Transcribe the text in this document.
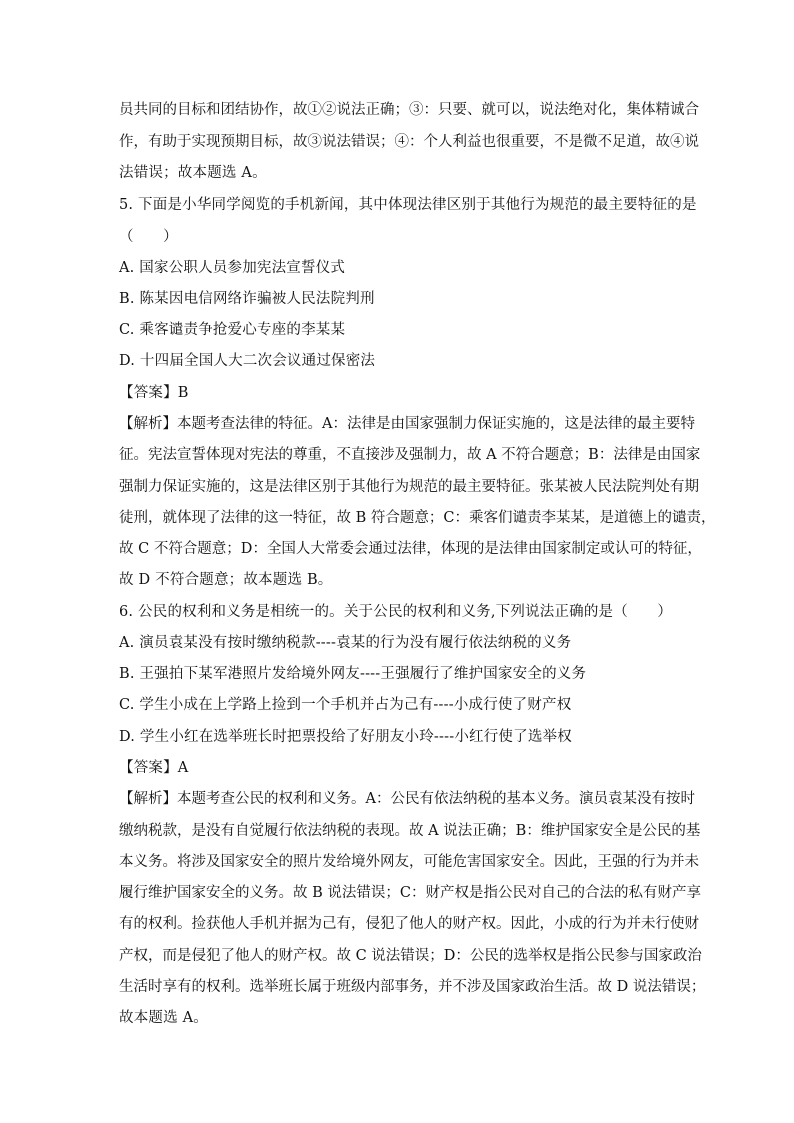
员共同的目标和团结协作，故①②说法正确；③：只要、就可以，说法绝对化，集体精诚合
作，有助于实现预期目标，故③说法错误；④：个人利益也很重要，不是微不足道，故④说
法错误；故本题选 A。
5. 下面是小华同学阅览的手机新闻，其中体现法律区别于其他行为规范的最主要特征的是
（　　）
A. 国家公职人员参加宪法宣誓仪式
B. 陈某因电信网络诈骗被人民法院判刑
C. 乘客谴责争抢爱心专座的李某某
D. 十四届全国人大二次会议通过保密法
【答案】B
【解析】本题考查法律的特征。A：法律是由国家强制力保证实施的，这是法律的最主要特
征。宪法宣誓体现对宪法的尊重，不直接涉及强制力，故 A 不符合题意；B：法律是由国家
强制力保证实施的，这是法律区别于其他行为规范的最主要特征。张某被人民法院判处有期
徒刑，就体现了法律的这一特征，故 B 符合题意；C：乘客们谴责李某某，是道德上的谴责，
故 C 不符合题意；D：全国人大常委会通过法律，体现的是法律由国家制定或认可的特征，
故 D 不符合题意；故本题选 B。
6. 公民的权利和义务是相统一的。关于公民的权利和义务,下列说法正确的是（　　）
A. 演员袁某没有按时缴纳税款----袁某的行为没有履行依法纳税的义务
B. 王强拍下某军港照片发给境外网友----王强履行了维护国家安全的义务
C. 学生小成在上学路上捡到一个手机并占为己有----小成行使了财产权
D. 学生小红在选举班长时把票投给了好朋友小玲----小红行使了选举权
【答案】A
【解析】本题考查公民的权利和义务。A：公民有依法纳税的基本义务。演员袁某没有按时
缴纳税款，是没有自觉履行依法纳税的表现。故 A 说法正确；B：维护国家安全是公民的基
本义务。将涉及国家安全的照片发给境外网友，可能危害国家安全。因此，王强的行为并未
履行维护国家安全的义务。故 B 说法错误；C：财产权是指公民对自己的合法的私有财产享
有的权利。捡获他人手机并据为己有，侵犯了他人的财产权。因此，小成的行为并未行使财
产权，而是侵犯了他人的财产权。故 C 说法错误；D：公民的选举权是指公民参与国家政治
生活时享有的权利。选举班长属于班级内部事务，并不涉及国家政治生活。故 D 说法错误；
故本题选 A。
